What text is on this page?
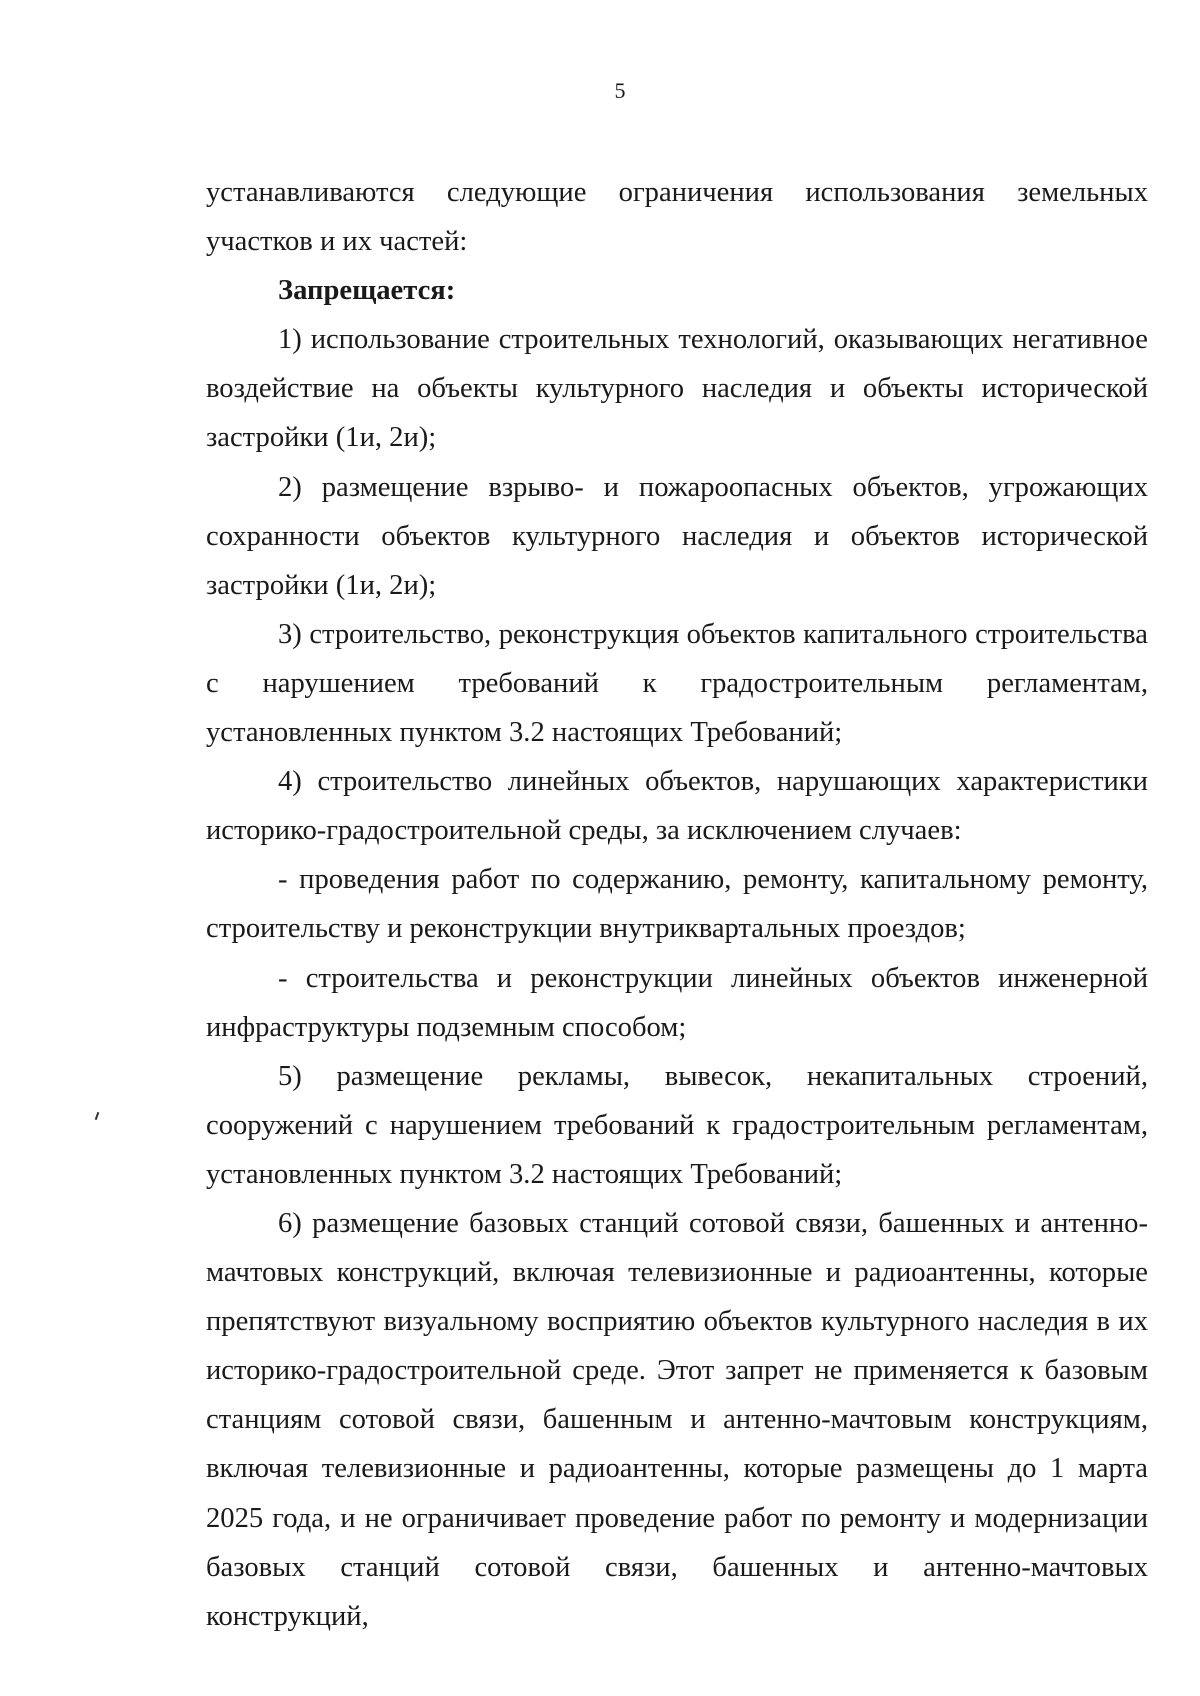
5

устанавливаются следующие ограничения использования земельных участков и их частей:

Запрещается:

1) использование строительных технологий, оказывающих негативное воздействие на объекты культурного наследия и объекты исторической застройки (1и, 2и);

2) размещение взрыво- и пожароопасных объектов, угрожающих сохранности объектов культурного наследия и объектов исторической застройки (1и, 2и);

3) строительство, реконструкция объектов капитального строительства с нарушением требований к градостроительным регламентам, установленных пунктом 3.2 настоящих Требований;

4) строительство линейных объектов, нарушающих характеристики историко-градостроительной среды, за исключением случаев:

- проведения работ по содержанию, ремонту, капитальному ремонту, строительству и реконструкции внутриквартальных проездов;

- строительства и реконструкции линейных объектов инженерной инфраструктуры подземным способом;

5) размещение рекламы, вывесок, некапитальных строений, сооружений с нарушением требований к градостроительным регламентам, установленных пунктом 3.2 настоящих Требований;

6) размещение базовых станций сотовой связи, башенных и антенно-мачтовых конструкций, включая телевизионные и радиоантенны, которые препятствуют визуальному восприятию объектов культурного наследия в их историко-градостроительной среде. Этот запрет не применяется к базовым станциям сотовой связи, башенным и антенно-мачтовым конструкциям, включая телевизионные и радиоантенны, которые размещены до 1 марта 2025 года, и не ограничивает проведение работ по ремонту и модернизации базовых станций сотовой связи, башенных и антенно-мачтовых конструкций,
